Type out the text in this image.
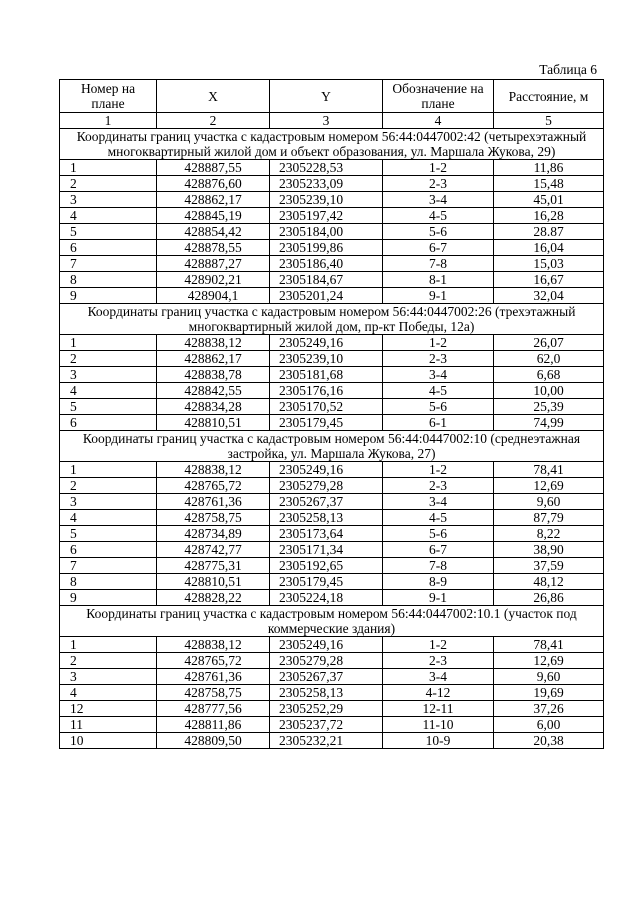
Таблица 6
Номер на плане	X	Y	Обозначение на плане	Расстояние, м
1	2	3	4	5
Координаты границ участка с кадастровым номером 56:44:0447002:42 (четырехэтажный многоквартирный жилой дом и объект образования, ул. Маршала Жукова, 29)				
1	428887,55	2305228,53	1-2	11,86
2	428876,60	2305233,09	2-3	15,48
3	428862,17	2305239,10	3-4	45,01
4	428845,19	2305197,42	4-5	16,28
5	428854,42	2305184,00	5-6	28.87
6	428878,55	2305199,86	6-7	16,04
7	428887,27	2305186,40	7-8	15,03
8	428902,21	2305184,67	8-1	16,67
9	428904,1	2305201,24	9-1	32,04
Координаты границ участка с кадастровым номером 56:44:0447002:26 (трехэтажный многоквартирный жилой дом, пр-кт Победы, 12а)				
1	428838,12	2305249,16	1-2	26,07
2	428862,17	2305239,10	2-3	62,0
3	428838,78	2305181,68	3-4	6,68
4	428842,55	2305176,16	4-5	10,00
5	428834,28	2305170,52	5-6	25,39
6	428810,51	2305179,45	6-1	74,99
Координаты границ участка с кадастровым номером 56:44:0447002:10 (среднеэтажная застройка, ул. Маршала Жукова, 27)				
1	428838,12	2305249,16	1-2	78,41
2	428765,72	2305279,28	2-3	12,69
3	428761,36	2305267,37	3-4	9,60
4	428758,75	2305258,13	4-5	87,79
5	428734,89	2305173,64	5-6	8,22
6	428742,77	2305171,34	6-7	38,90
7	428775,31	2305192,65	7-8	37,59
8	428810,51	2305179,45	8-9	48,12
9	428828,22	2305224,18	9-1	26,86
Координаты границ участка с кадастровым номером 56:44:0447002:10.1 (участок под коммерческие здания)				
1	428838,12	2305249,16	1-2	78,41
2	428765,72	2305279,28	2-3	12,69
3	428761,36	2305267,37	3-4	9,60
4	428758,75	2305258,13	4-12	19,69
12	428777,56	2305252,29	12-11	37,26
11	428811,86	2305237,72	11-10	6,00
10	428809,50	2305232,21	10-9	20,38
